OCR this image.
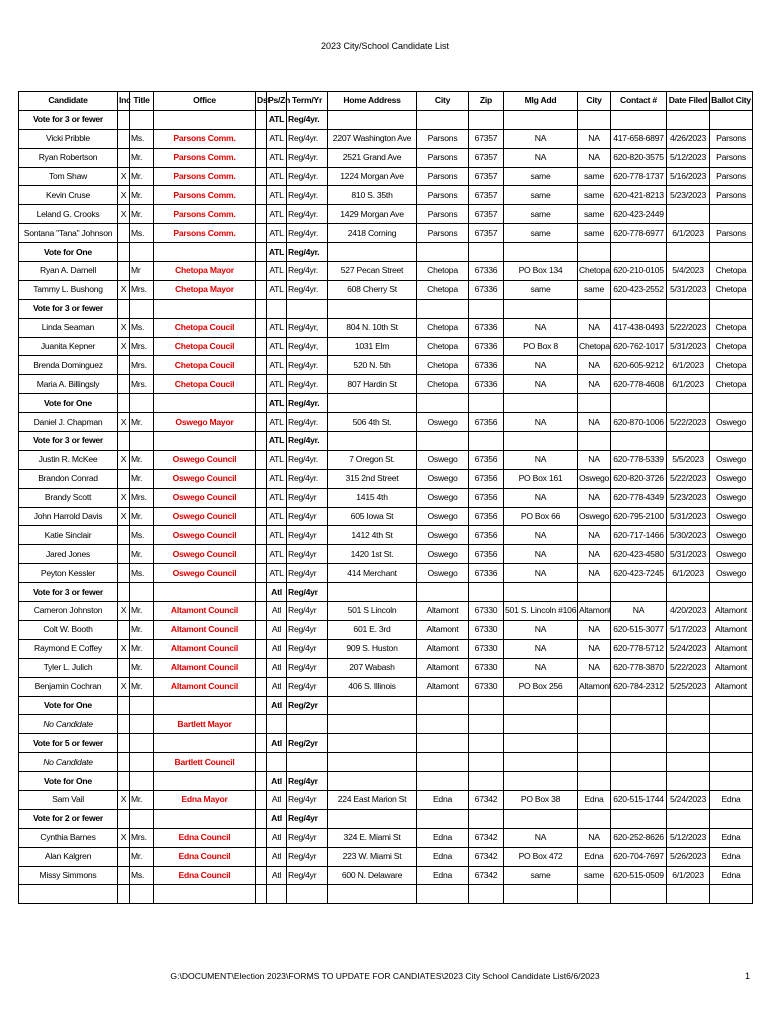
2023 City/School Candidate List
Candidate	Inc	Title	Office	Dst	Ps/Zn	Term/Yr	Home Address	City	Zip	Mlg Add	City	Contact #	Date Filed	Ballot City
Vote for 3 or fewer					ATL	Reg/4yr.								
Vicki Pribble		Ms.	Parsons Comm.		ATL	Reg/4yr.	2207 Washington Ave	Parsons	67357	NA	NA	417-658-6897	4/26/2023	Parsons
Ryan Robertson		Mr.	Parsons Comm.		ATL	Reg/4yr.	2521 Grand Ave	Parsons	67357	NA	NA	620-820-3575	5/12/2023	Parsons
Tom Shaw	X	Mr.	Parsons Comm.		ATL	Reg/4yr.	1224 Morgan Ave	Parsons	67357	same	same	620-778-1737	5/16/2023	Parsons
Kevin Cruse	X	Mr.	Parsons Comm.		ATL	Reg/4yr.	810 S. 35th	Parsons	67357	same	same	620-421-8213	5/23/2023	Parsons
Leland G. Crooks	X	Mr.	Parsons Comm.		ATL	Reg/4yr.	1429 Morgan Ave	Parsons	67357	same	same	620-423-2449		
Sontana "Tana" Johnson		Ms.	Parsons Comm.		ATL	Reg/4yr.	2418 Corning	Parsons	67357	same	same	620-778-6977	6/1/2023	Parsons
Vote for One					ATL	Reg/4yr.								
Ryan A. Darnell		Mr	Chetopa Mayor		ATL	Reg/4yr.	527 Pecan Street	Chetopa	67336	PO Box 134	Chetopa	620-210-0105	5/4/2023	Chetopa
Tammy L. Bushong	X	Mrs.	Chetopa Mayor		ATL	Reg/4yr.	608 Cherry St	Chetopa	67336	same	same	620-423-2552	5/31/2023	Chetopa
Vote for 3 or fewer														
Linda Seaman	X	Ms.	Chetopa Coucil		ATL	Reg/4yr,	804 N. 10th St	Chetopa	67336	NA	NA	417-438-0493	5/22/2023	Chetopa
Juanita Kepner	X	Mrs.	Chetopa Coucil		ATL	Reg/4yr,	1031 Elm	Chetopa	67336	PO Box 8	Chetopa	620-762-1017	5/31/2023	Chetopa
Brenda Dominguez		Mrs.	Chetopa Coucil		ATL	Reg/4yr.	520 N. 5th	Chetopa	67336	NA	NA	620-605-9212	6/1/2023	Chetopa
Maria A. Billingsly		Mrs.	Chetopa Coucil		ATL	Reg/4yr.	807 Hardin St	Chetopa	67336	NA	NA	620-778-4608	6/1/2023	Chetopa
Vote for One					ATL	Reg/4yr.								
Daniel J. Chapman	X	Mr.	Oswego Mayor		ATL	Reg/4yr.	506 4th St.	Oswego	67356	NA	NA	620-870-1006	5/22/2023	Oswego
Vote for 3 or fewer					ATL	Reg/4yr.								
Justin R. McKee	X	Mr.	Oswego Council		ATL	Reg/4yr.	7 Oregon St.	Oswego	67356	NA	NA	620-778-5339	5/5/2023	Oswego
Brandon Conrad		Mr.	Oswego Council		ATL	Reg/4yr.	315 2nd Street	Oswego	67356	PO Box 161	Oswego	620-820-3726	5/22/2023	Oswego
Brandy Scott	X	Mrs.	Oswego Council		ATL	Reg/4yr	1415 4th	Oswego	67356	NA	NA	620-778-4349	5/23/2023	Oswego
John Harrold Davis	X	Mr.	Oswego Council		ATL	Reg/4yr	605 Iowa St	Oswego	67356	PO Box 66	Oswego	620-795-2100	5/31/2023	Oswego
Katie Sinclair		Ms.	Oswego Council		ATL	Reg/4yr	1412 4th St	Oswego	67356	NA	NA	620-717-1466	5/30/2023	Oswego
Jared Jones		Mr.	Oswego Council		ATL	Reg/4yr	1420 1st St.	Oswego	67356	NA	NA	620-423-4580	5/31/2023	Oswego
Peyton Kessler		Ms.	Oswego Council		ATL	Reg/4yr	414 Merchant	Oswego	67336	NA	NA	620-423-7245	6/1/2023	Oswego
Vote for 3 or fewer					Atl	Reg/4yr								
Cameron Johnston	X	Mr.	Altamont Council		Atl	Reg/4yr	501 S Lincoln	Altamont	67330	501 S. Lincoln #106	Altamont	NA	4/20/2023	Altamont
Colt W. Booth		Mr.	Altamont Council		Atl	Reg/4yr	601 E. 3rd	Altamont	67330	NA	NA	620-515-3077	5/17/2023	Altamont
Raymond E Coffey	X	Mr.	Altamont Council		Atl	Reg/4yr	909 S. Huston	Altamont	67330	NA	NA	620-778-5712	5/24/2023	Altamont
Tyler L. Julich		Mr.	Altamont Council		Atl	Reg/4yr	207 Wabash	Altamont	67330	NA	NA	620-778-3870	5/22/2023	Altamont
Benjamin Cochran	X	Mr.	Altamont Council		Atl	Reg/4yr	406 S. Illinois	Altamont	67330	PO Box 256	Altamont	620-784-2312	5/25/2023	Altamont
Vote for One					Atl	Reg/2yr								
No Candidate			Bartlett Mayor											
Vote for 5 or fewer					Atl	Reg/2yr								
No Candidate			Bartlett Council											
Vote for One					Atl	Reg/4yr								
Sam Vail	X	Mr.	Edna Mayor		Atl	Reg/4yr	224 East Marion St	Edna	67342	PO Box 38	Edna	620-515-1744	5/24/2023	Edna
Vote for 2 or fewer					Atl	Reg/4yr								
Cynthia Barnes	X	Mrs.	Edna Council		Atl	Reg/4yr	324 E. Miami St	Edna	67342	NA	NA	620-252-8626	5/12/2023	Edna
Alan Kalgren		Mr.	Edna Council		Atl	Reg/4yr	223 W. Miami St	Edna	67342	PO Box 472	Edna	620-704-7697	5/26/2023	Edna
Missy Simmons		Ms.	Edna Council		Atl	Reg/4yr	600 N. Delaware	Edna	67342	same	same	620-515-0509	6/1/2023	Edna

G:\DOCUMENT\Election 2023\FORMS TO UPDATE FOR CANDIATES\2023 City School Candidate List6/6/2023	1
